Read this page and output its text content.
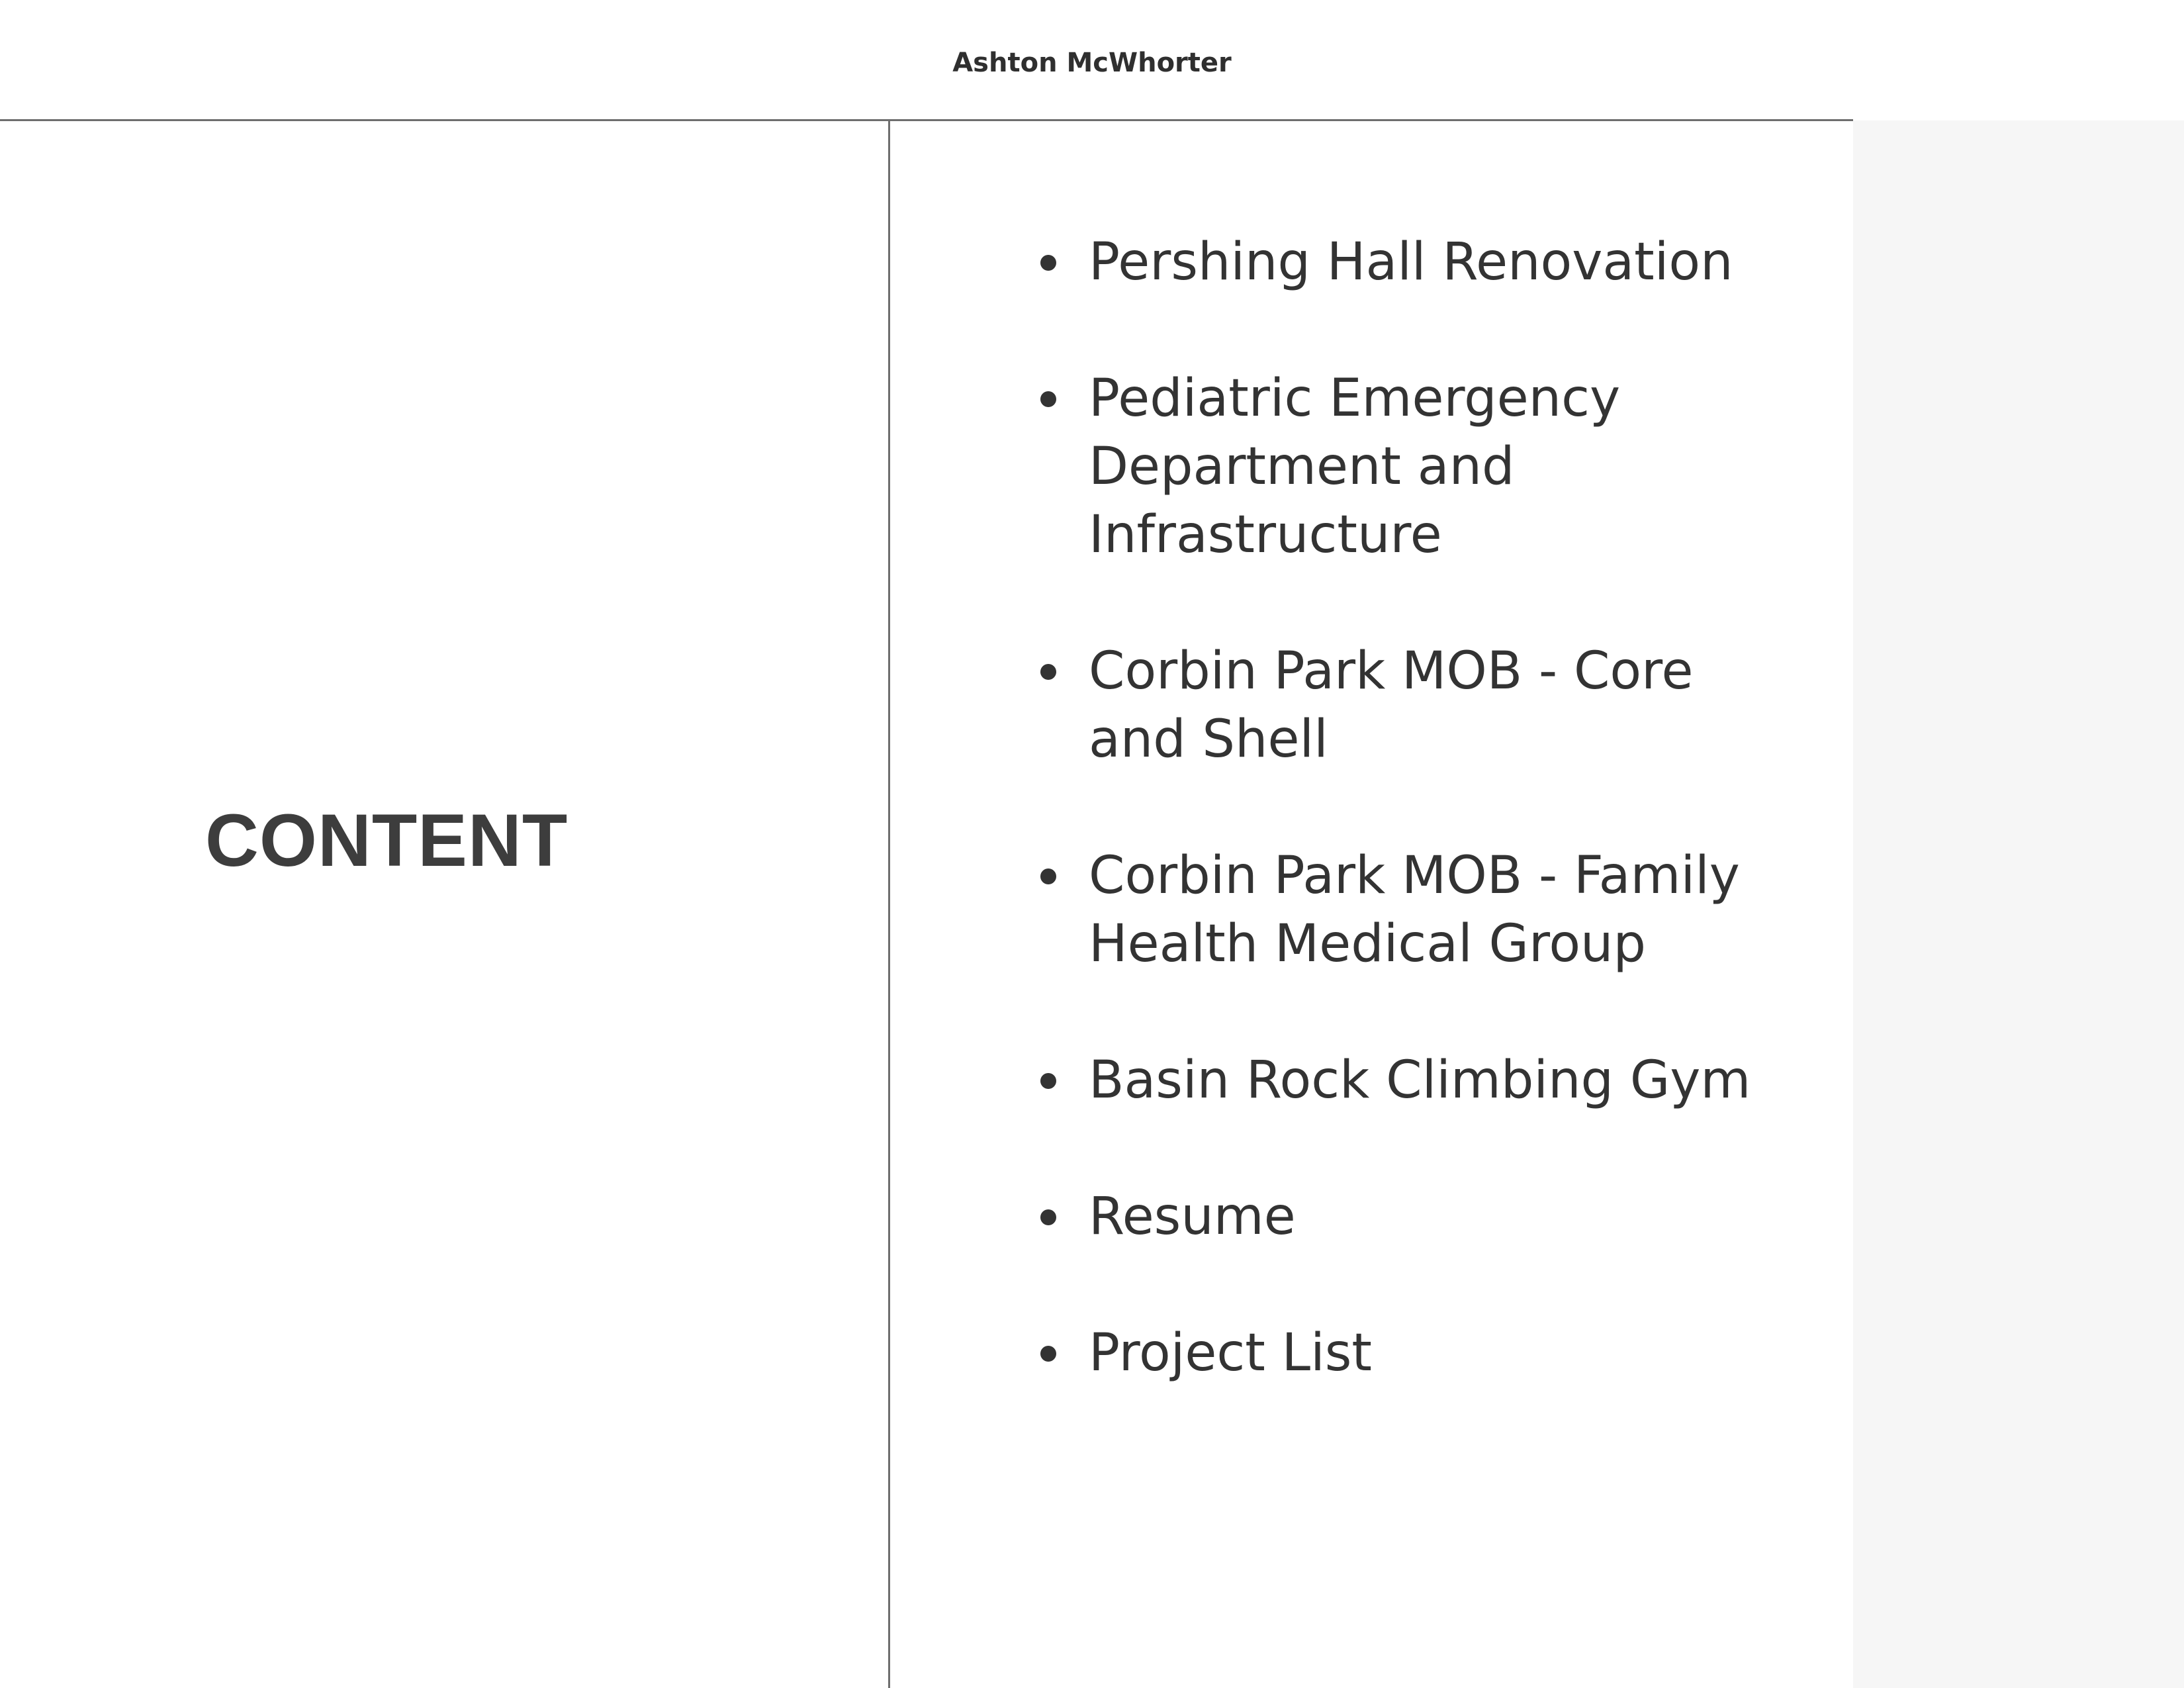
Ashton McWhorter
CONTENT
Pershing Hall Renovation
Pediatric Emergency Department and Infrastructure
Corbin Park MOB - Core and Shell
Corbin Park MOB - Family Health Medical Group
Basin Rock Climbing Gym
Resume
Project List
